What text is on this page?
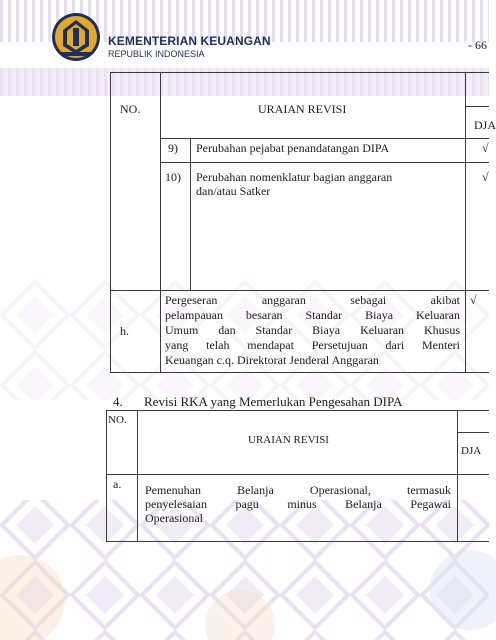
KEMENTERIAN KEUANGAN
REPUBLIK INDONESIA
- 66
NO.	URAIAN REVISI
DJA
9) Perubahan pejabat penandatangan DIPA	√
10) Perubahan nomenklatur bagian anggaran
dan/atau Satker
√
h.
Pergeseran anggaran sebagai akibat
pelampauan besaran Standar Biaya Keluaran
Umum dan Standar Biaya Keluaran Khusus
yang telah mendapat Persetujuan dari Menteri
Keuangan c.q. Direktorat Jenderal Anggaran
√
4. Revisi RKA yang Memerlukan Pengesahan DIPA
NO.
URAIAN REVISI
DJA
a. Pemenuhan Belanja Operasional, termasuk
penyelesaian pagu minus Belanja Pegawai
Operasional
